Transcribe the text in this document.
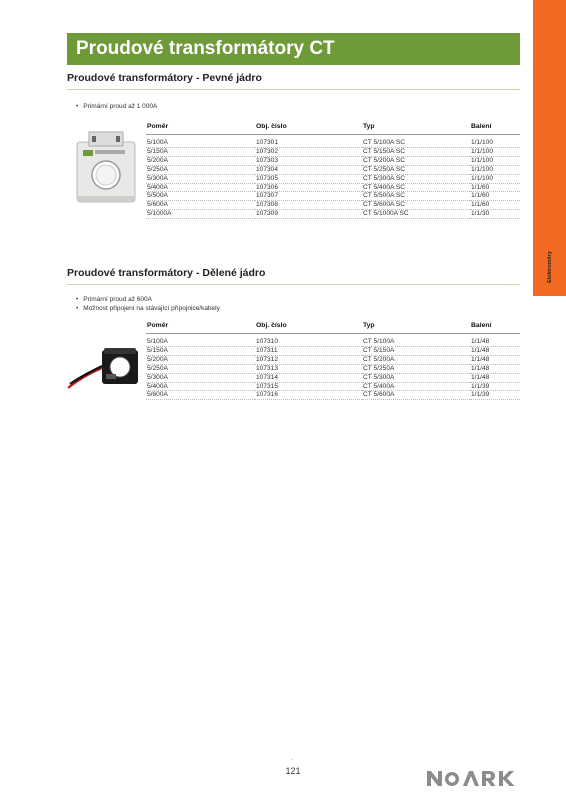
Proudové transformátory CT
Elektroměry
Proudové transformátory - Pevné jádro
• Primární proud až 1 000A
Poměr	Obj. číslo	Typ	Balení

5/100A	107301	CT 5/100A SC	1/1/100
5/150A	107302	CT 5/150A SC	1/1/100
5/200A	107303	CT 5/200A SC	1/1/100
5/250A	107304	CT 5/250A SC	1/1/100
5/300A	107305	CT 5/300A SC	1/1/100
5/400A	107306	CT 5/400A SC	1/1/60
5/500A	107307	CT 5/500A SC	1/1/60
5/600A	107308	CT 5/600A SC	1/1/60
5/1000A	107309	CT 5/1000A SC	1/1/30
Proudové transformátory - Dělené jádro
• Primární proud až 600A
• Možnost připojení na stávající přípojnice/kabely
Poměr	Obj. číslo	Typ	Balení

5/100A	107310	CT 5/100A	1/1/48
5/150A	107311	CT 5/150A	1/1/48
5/200A	107312	CT 5/200A	1/1/48
5/250A	107313	CT 5/250A	1/1/48
5/300A	107314	CT 5/300A	1/1/48
5/400A	107315	CT 5/400A	1/1/39
5/600A	107316	CT 5/600A	1/1/39
-
121
